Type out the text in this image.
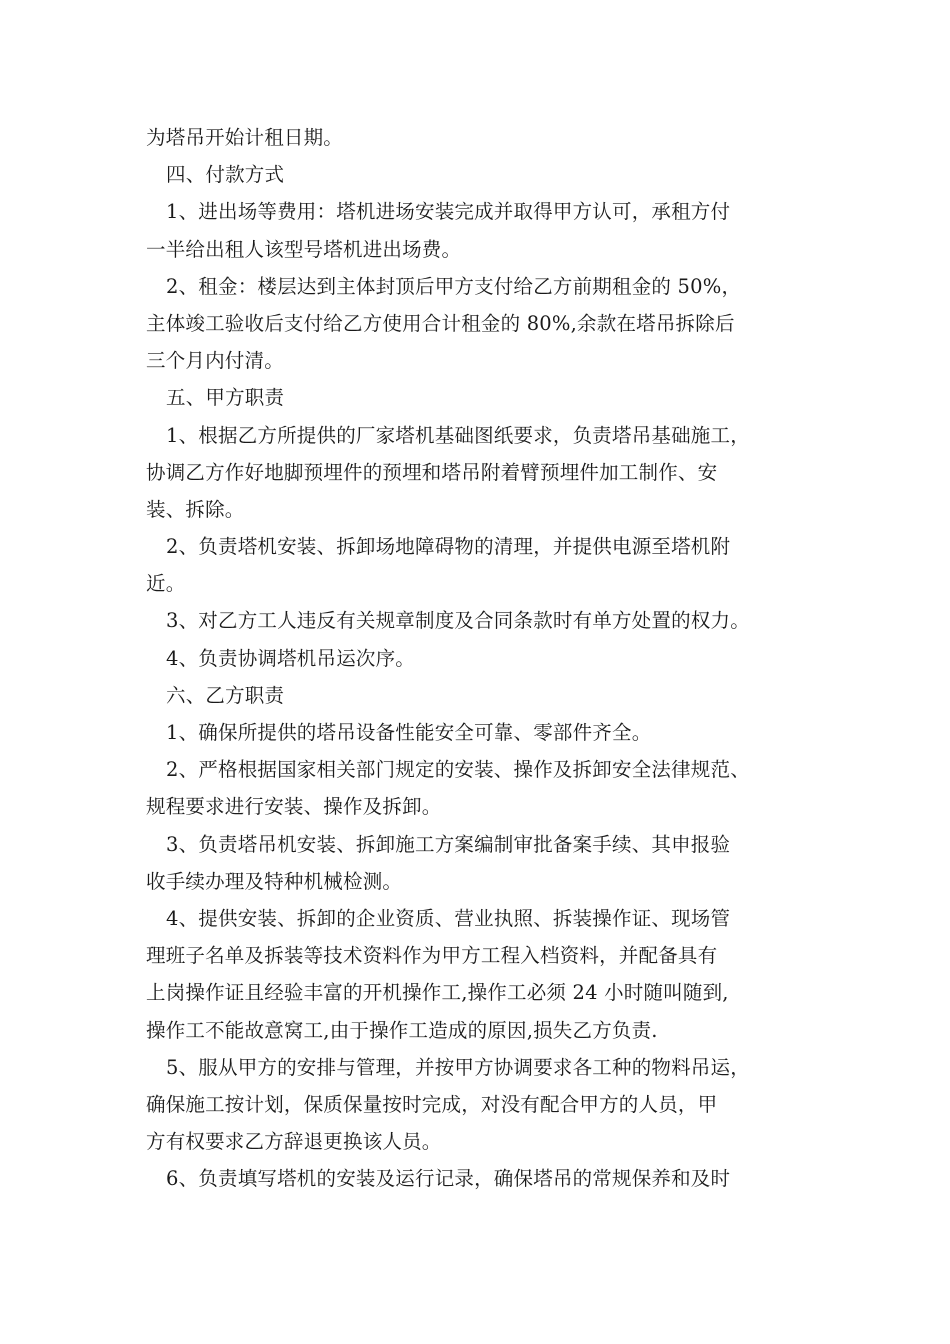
为塔吊开始计租日期。
四、付款方式
1、进出场等费用：塔机进场安装完成并取得甲方认可，承租方付
一半给出租人该型号塔机进出场费。
2、租金：楼层达到主体封顶后甲方支付给乙方前期租金的 50%，
主体竣工验收后支付给乙方使用合计租金的 80%,余款在塔吊拆除后
三个月内付清。
五、甲方职责
1、根据乙方所提供的厂家塔机基础图纸要求，负责塔吊基础施工，
协调乙方作好地脚预埋件的预埋和塔吊附着臂预埋件加工制作、安
装、拆除。
2、负责塔机安装、拆卸场地障碍物的清理，并提供电源至塔机附
近。
3、对乙方工人违反有关规章制度及合同条款时有单方处置的权力。
4、负责协调塔机吊运次序。
六、乙方职责
1、确保所提供的塔吊设备性能安全可靠、零部件齐全。
2、严格根据国家相关部门规定的安装、操作及拆卸安全法律规范、
规程要求进行安装、操作及拆卸。
3、负责塔吊机安装、拆卸施工方案编制审批备案手续、其申报验
收手续办理及特种机械检测。
4、提供安装、拆卸的企业资质、营业执照、拆装操作证、现场管
理班子名单及拆装等技术资料作为甲方工程入档资料，并配备具有
上岗操作证且经验丰富的开机操作工,操作工必须 24 小时随叫随到,
操作工不能故意窝工,由于操作工造成的原因,损失乙方负责.
5、服从甲方的安排与管理，并按甲方协调要求各工种的物料吊运，
确保施工按计划，保质保量按时完成，对没有配合甲方的人员，甲
方有权要求乙方辞退更换该人员。
6、负责填写塔机的安装及运行记录，确保塔吊的常规保养和及时
